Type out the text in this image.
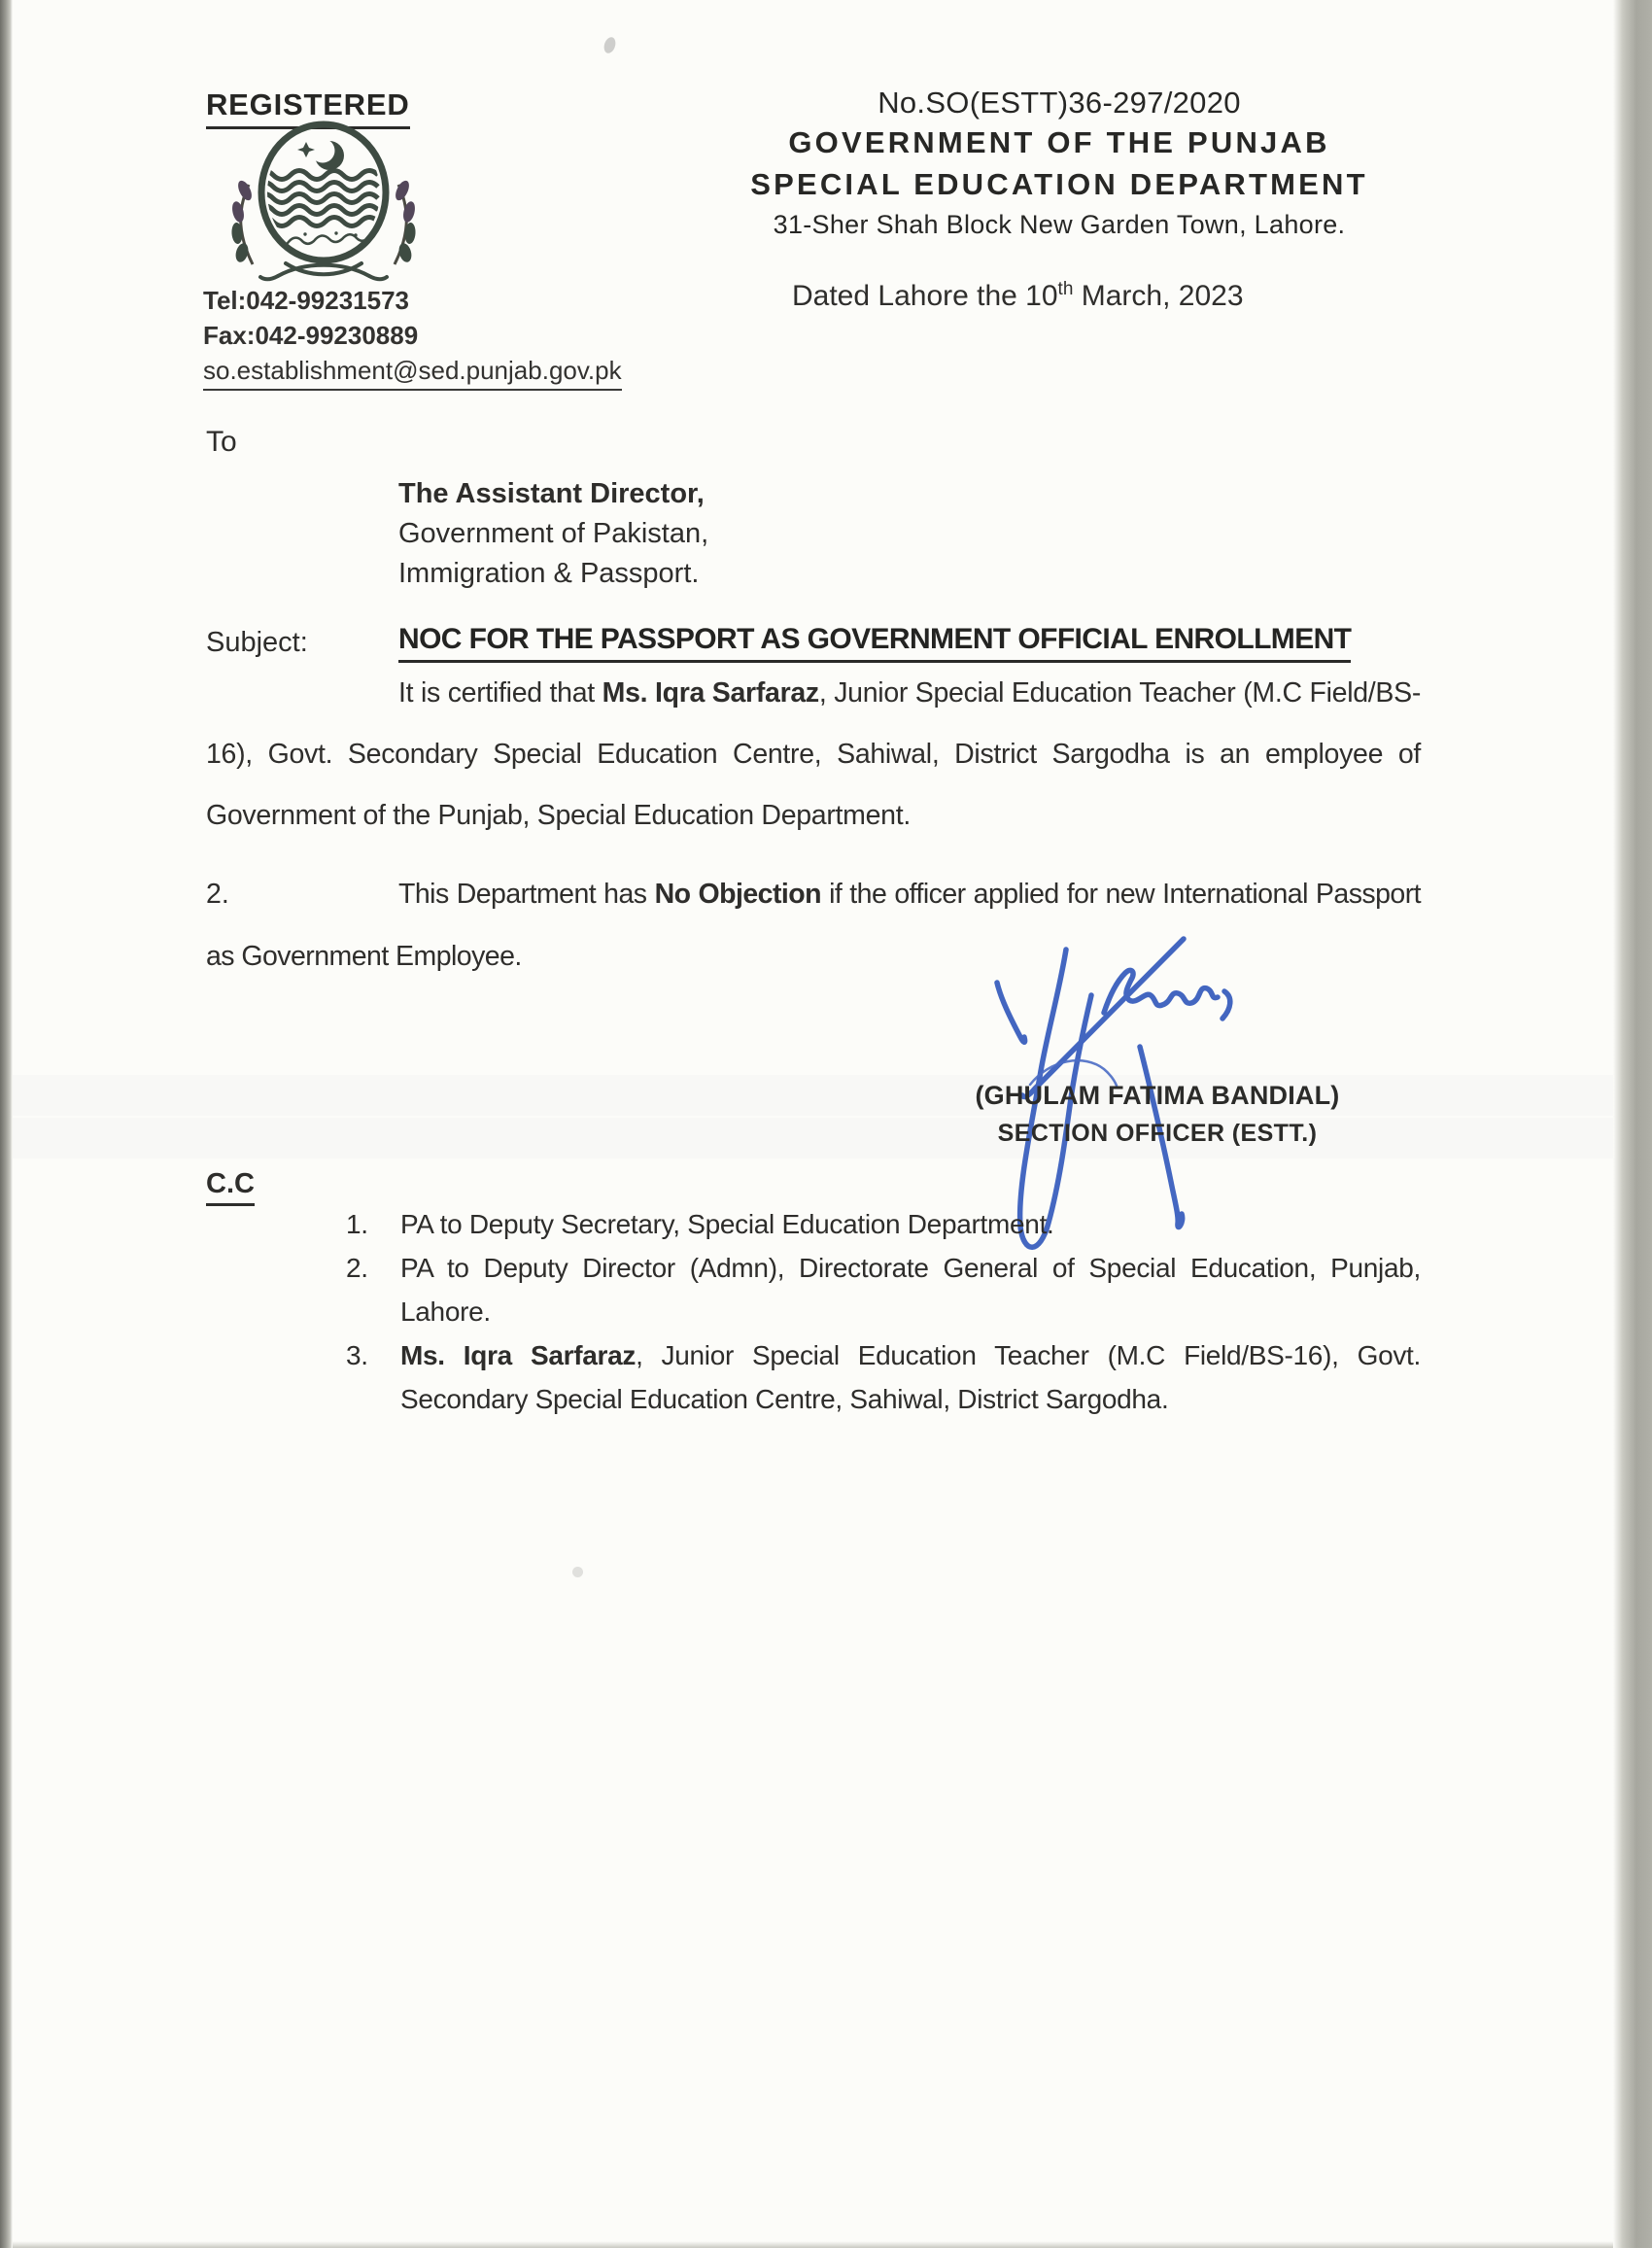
REGISTERED
Tel:042-99231573
Fax:042-99230889
so.establishment@sed.punjab.gov.pk
No.SO(ESTT)36-297/2020
GOVERNMENT OF THE PUNJAB
SPECIAL EDUCATION DEPARTMENT
31-Sher Shah Block New Garden Town, Lahore.
Dated Lahore the 10th March, 2023
To
The Assistant Director,
Government of Pakistan,
Immigration & Passport.
Subject:	NOC FOR THE PASSPORT AS GOVERNMENT OFFICIAL ENROLLMENT
It is certified that Ms. Iqra Sarfaraz, Junior Special Education Teacher (M.C Field/BS-16), Govt. Secondary Special Education Centre, Sahiwal, District Sargodha is an employee of Government of the Punjab, Special Education Department.
2.	This Department has No Objection if the officer applied for new International Passport as Government Employee.
(GHULAM FATIMA BANDIAL)
SECTION OFFICER (ESTT.)
C.C
1.	PA to Deputy Secretary, Special Education Department.
2.	PA to Deputy Director (Admn), Directorate General of Special Education, Punjab, Lahore.
3.	Ms. Iqra Sarfaraz, Junior Special Education Teacher (M.C Field/BS-16), Govt. Secondary Special Education Centre, Sahiwal, District Sargodha.
